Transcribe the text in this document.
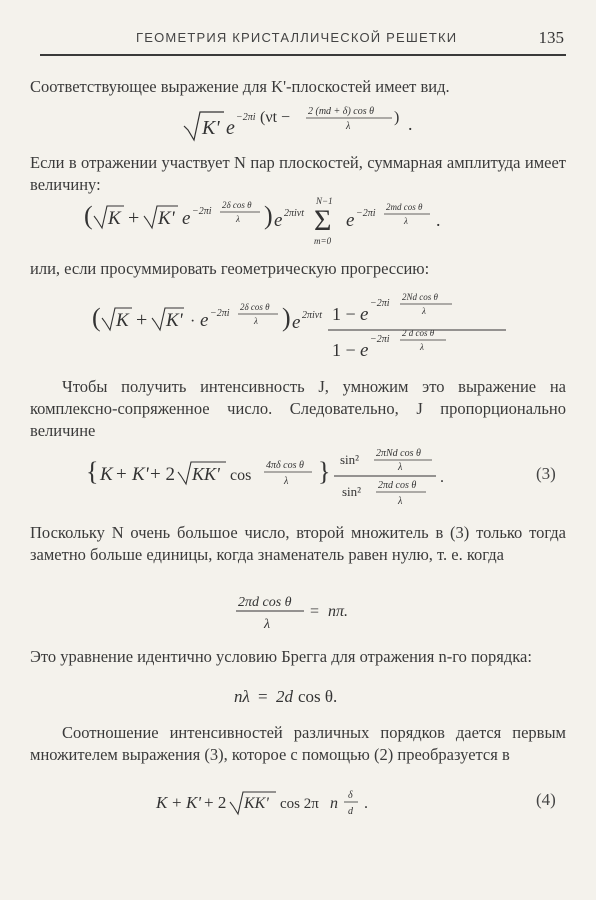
ГЕОМЕТРИЯ КРИСТАЛЛИЧЕСКОЙ РЕШЕТКИ	135
Соответствующее выражение для K'-плоскостей имеет вид.
K' e −2πi (νt − 2 (md + δ) cos θ
λ
) .
Если в отражении участвует N пар плоскостей, суммарная амплитуда имеет величину:
( K + K' e −2πi
2δ cos θ
λ ) e 2πiνt
N−1
Σ
m=0
e −2πi
2md cos θ
λ .
или, если просуммировать геометрическую прогрессию:
( K + K' · e −2πi
2δ cos θ
λ ) e 2πiνt 1 − e
−2πi
2Nd cos θ
λ
1 − e
−2πi
2 d cos θ
λ
Чтобы получить интенсивность J, умножим это выражение на комплексно-сопряженное число. Следовательно, J пропорционально величине
{ K + K' + 2 KK' cos
4πδ cos θ
λ } sin² 2πNd cos θ
λ
sin² 2πd cos θ
λ
.	(3)
Поскольку N очень большое число, второй множитель в (3) только тогда заметно больше единицы, когда знаменатель равен нулю, т. е. когда
2πd cos θ
λ
= nπ.
Это уравнение идентично условию Брегга для отражения n-го порядка:
nλ = 2d cos θ.
Соотношение интенсивностей различных порядков дается первым множителем выражения (3), которое с помощью (2) преобразуется в
K + K' + 2 KK' cos 2π n δ
d .	(4)
